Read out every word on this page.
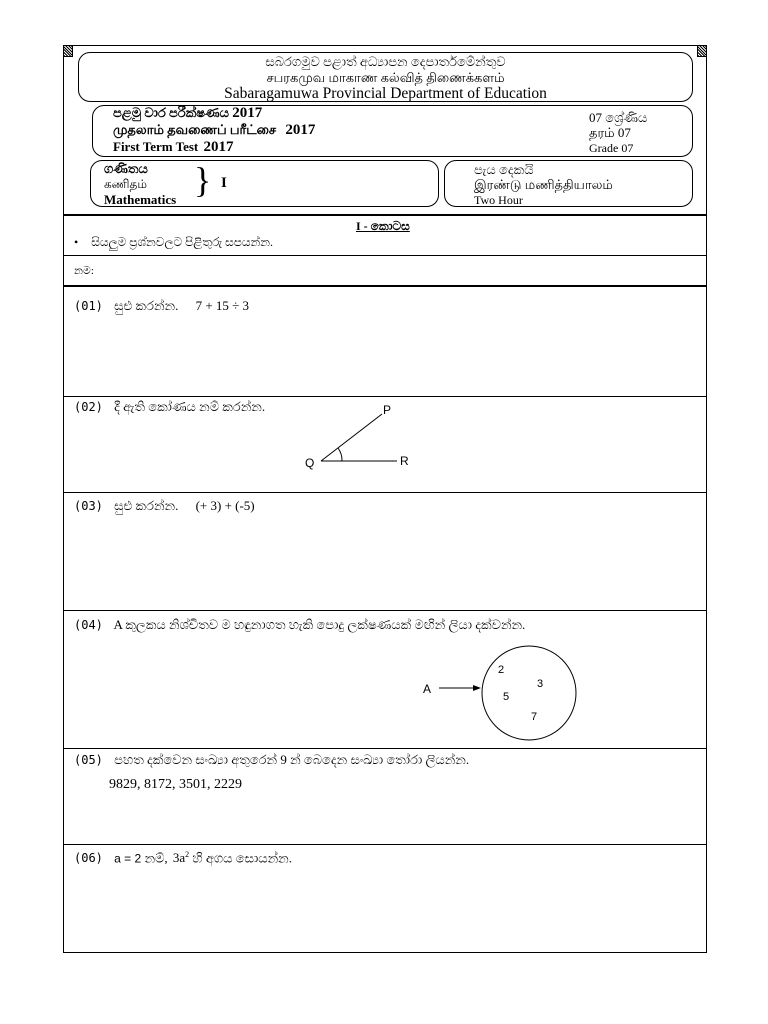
සබරගමුව පළාත් අධ්‍යාපන දෙපාර්තමේන්තුව
சபரகமுவ மாகாண கல்வித் திணைக்களம்
Sabaragamuwa Provincial Department of Education
පළමු වාර පරීක්ෂණය 2017
முதலாம் தவணைப் பரீட்சை 2017
First Term Test 2017
07 ශ්‍රේණිය
தரம் 07
Grade 07
ගණිතය
கணிதம்
Mathematics } I
පැය දෙකයි
இரண்டு மணித்தியாலம்
Two Hour
I - කොටස
• සියලුම ප්‍රශ්නවලට පිළිතුරු සපයන්න.
නම:
(01) සුළු කරන්න. 7 + 15 ÷ 3
(02) දී ඇති කෝණය නම් කරන්න.	P
Q	R
(03) සුළු කරන්න. (+ 3) + (-5)
(04) A කුලකය නිශ්චිතව ම හඳුනාගත හැකි පොදු ලක්ෂණයක් මඟින් ලියා දක්වන්න.
A
2
3
5
7
(05) පහත දක්වෙන සංඛ්‍යා අතුරෙන් 9 න් බෙදෙන සංඛ්‍යා තෝරා ලියන්න.
9829, 8172, 3501, 2229
(06) a = 2 නම්, $3a^2$ හි අගය සොයන්න.
